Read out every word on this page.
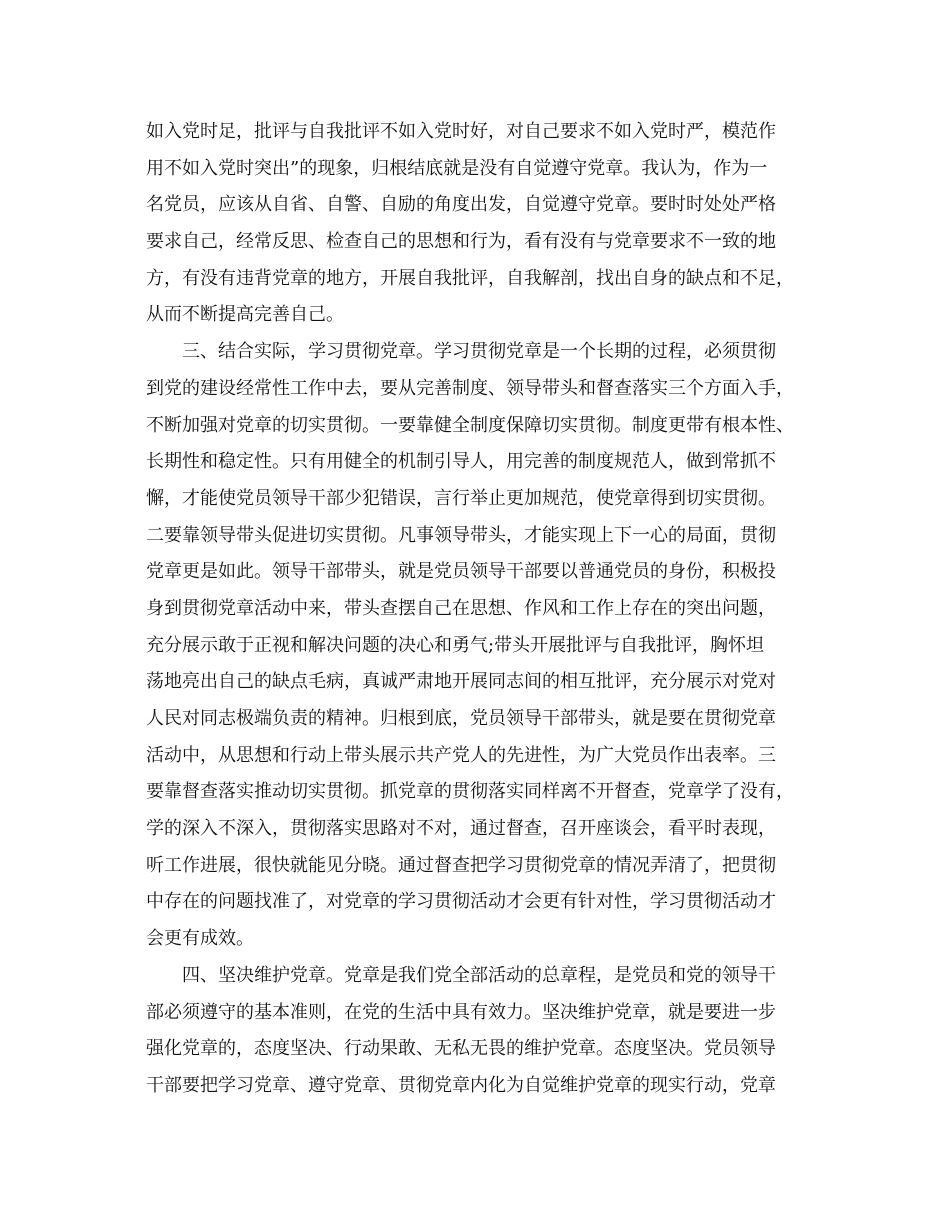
如入党时足，批评与自我批评不如入党时好，对自己要求不如入党时严，模范作
用不如入党时突出”的现象，归根结底就是没有自觉遵守党章。我认为，作为一
名党员，应该从自省、自警、自励的角度出发，自觉遵守党章。要时时处处严格
要求自己，经常反思、检查自己的思想和行为，看有没有与党章要求不一致的地
方，有没有违背党章的地方，开展自我批评，自我解剖，找出自身的缺点和不足，
从而不断提高完善自己。
三、结合实际，学习贯彻党章。学习贯彻党章是一个长期的过程，必须贯彻
到党的建设经常性工作中去，要从完善制度、领导带头和督查落实三个方面入手，
不断加强对党章的切实贯彻。一要靠健全制度保障切实贯彻。制度更带有根本性、
长期性和稳定性。只有用健全的机制引导人，用完善的制度规范人，做到常抓不
懈，才能使党员领导干部少犯错误，言行举止更加规范，使党章得到切实贯彻。
二要靠领导带头促进切实贯彻。凡事领导带头，才能实现上下一心的局面，贯彻
党章更是如此。领导干部带头，就是党员领导干部要以普通党员的身份，积极投
身到贯彻党章活动中来，带头查摆自己在思想、作风和工作上存在的突出问题，
充分展示敢于正视和解决问题的决心和勇气;带头开展批评与自我批评，胸怀坦
荡地亮出自己的缺点毛病，真诚严肃地开展同志间的相互批评，充分展示对党对
人民对同志极端负责的精神。归根到底，党员领导干部带头，就是要在贯彻党章
活动中，从思想和行动上带头展示共产党人的先进性，为广大党员作出表率。三
要靠督查落实推动切实贯彻。抓党章的贯彻落实同样离不开督查，党章学了没有，
学的深入不深入，贯彻落实思路对不对，通过督查，召开座谈会，看平时表现，
听工作进展，很快就能见分晓。通过督查把学习贯彻党章的情况弄清了，把贯彻
中存在的问题找准了，对党章的学习贯彻活动才会更有针对性，学习贯彻活动才
会更有成效。
四、坚决维护党章。党章是我们党全部活动的总章程，是党员和党的领导干
部必须遵守的基本准则，在党的生活中具有效力。坚决维护党章，就是要进一步
强化党章的，态度坚决、行动果敢、无私无畏的维护党章。态度坚决。党员领导
干部要把学习党章、遵守党章、贯彻党章内化为自觉维护党章的现实行动，党章
